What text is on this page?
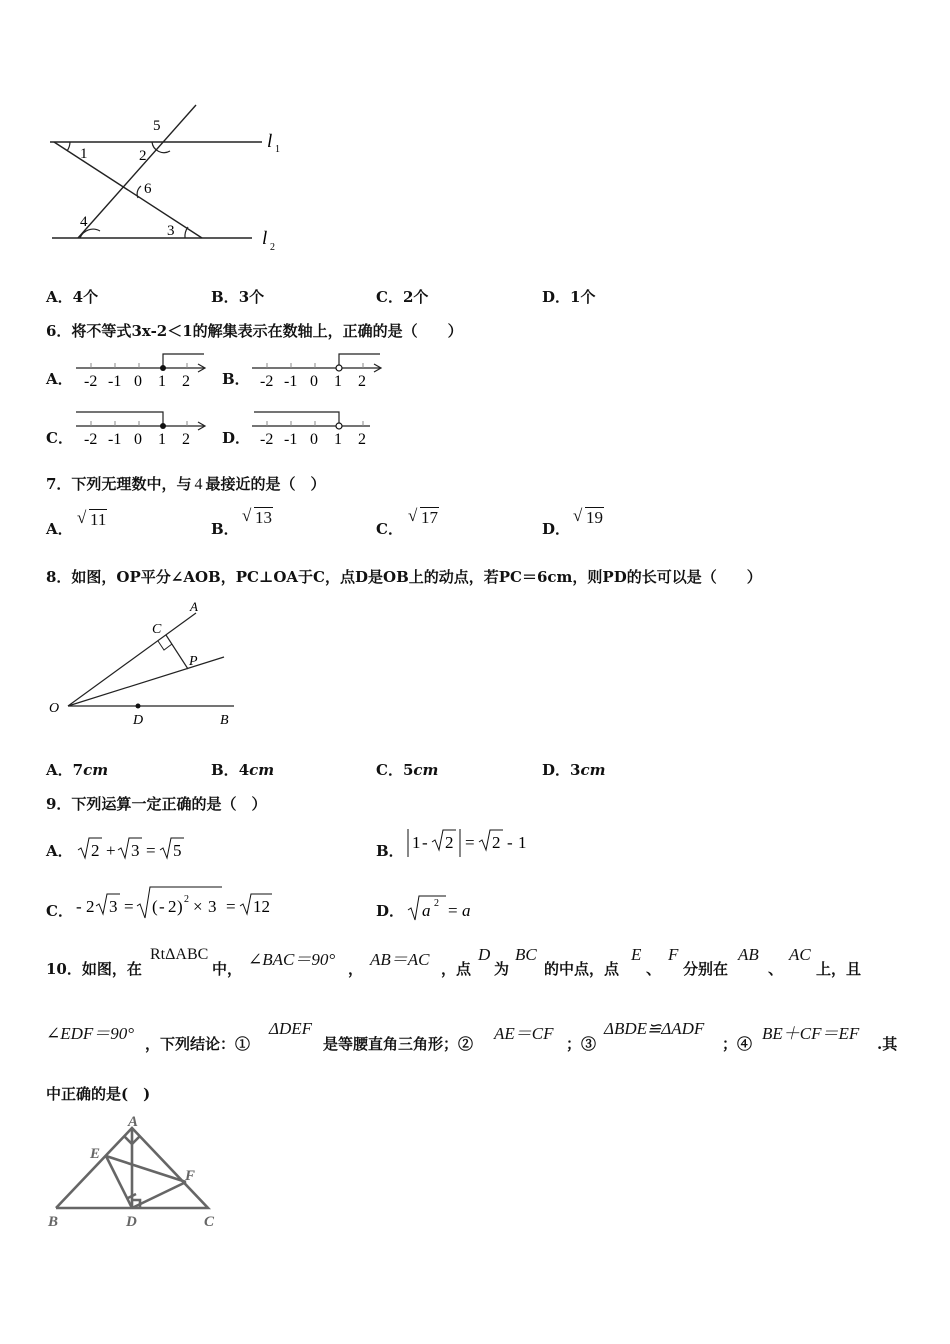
1	2
3
4
5
6
l 1
l 2
A．4个	B．3个	C．2个	D．1个
6．将不等式3x-2＜1的解集表示在数轴上，正确的是（　　）
A．	B．
C．	D．
-2 -1 0 1 2	-2 -1 0 1 2
-2 -1 0 1 2	-2 -1 0 1 2
7．下列无理数中，与 4 最接近的是（　）
A．
√	11	B．
√ 13
C．
√ 17
D．
√ 19
8．如图，OP平分∠AOB，PC⊥OA于C，点D是OB上的动点，若PC＝6cm，则PD的长可以是（　　）
O
A
C
P
D	B
A．7cm	B．4cm	C．5cm	D．3cm
9．下列运算一定正确的是（　）
A． 2 + 3 = 5	B． 1 - 2 = 2 - 1
C． - 2 3 = ( - 2 ) 2 × 3 = 12	D． a 2 = a
10．如图，在
RtΔABC
中， ∠BAC＝90° ， AB＝AC ，点
D
为
BC
的中点，点
E
、
F
分别在
AB
、
AC
上，且
∠EDF＝90°
，下列结论：①
ΔDEF
是等腰直角三角形；②
AE＝CF
；③
ΔBDE≌ΔADF
；④
BE＋CF＝EF
.其
中正确的是(　)
A
E
F
B	D	C
